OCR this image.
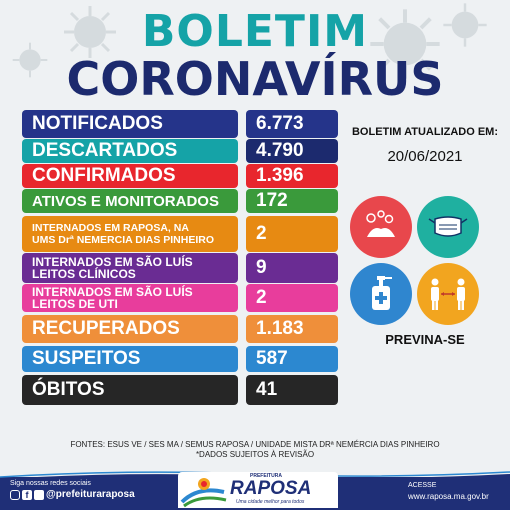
BOLETIM
CORONAVÍRUS
NOTIFICADOS	6.773
DESCARTADOS	4.790
CONFIRMADOS	1.396
ATIVOS E MONITORADOS	172
INTERNADOS EM RAPOSA, NA
UMS Drª NEMERCIA DIAS PINHEIRO	2
INTERNADOS EM SÃO LUÍS
LEITOS CLÍNICOS	9
INTERNADOS EM SÃO LUÍS
LEITOS DE UTI	2
RECUPERADOS	1.183
SUSPEITOS	587
ÓBITOS	41
BOLETIM ATUALIZADO EM:
20/06/2021
PREVINA-SE
FONTES: ESUS VE / SES MA / SEMUS RAPOSA / UNIDADE MISTA DRª NEMÉRCIA DIAS PINHEIRO
*DADOS SUJEITOS À REVISÃO
Siga nossas redes sociais
f	@prefeituraraposa
ACESSE
www.raposa.ma.gov.br
PREFEITURA
RAPOSA
Uma cidade melhor para todos
